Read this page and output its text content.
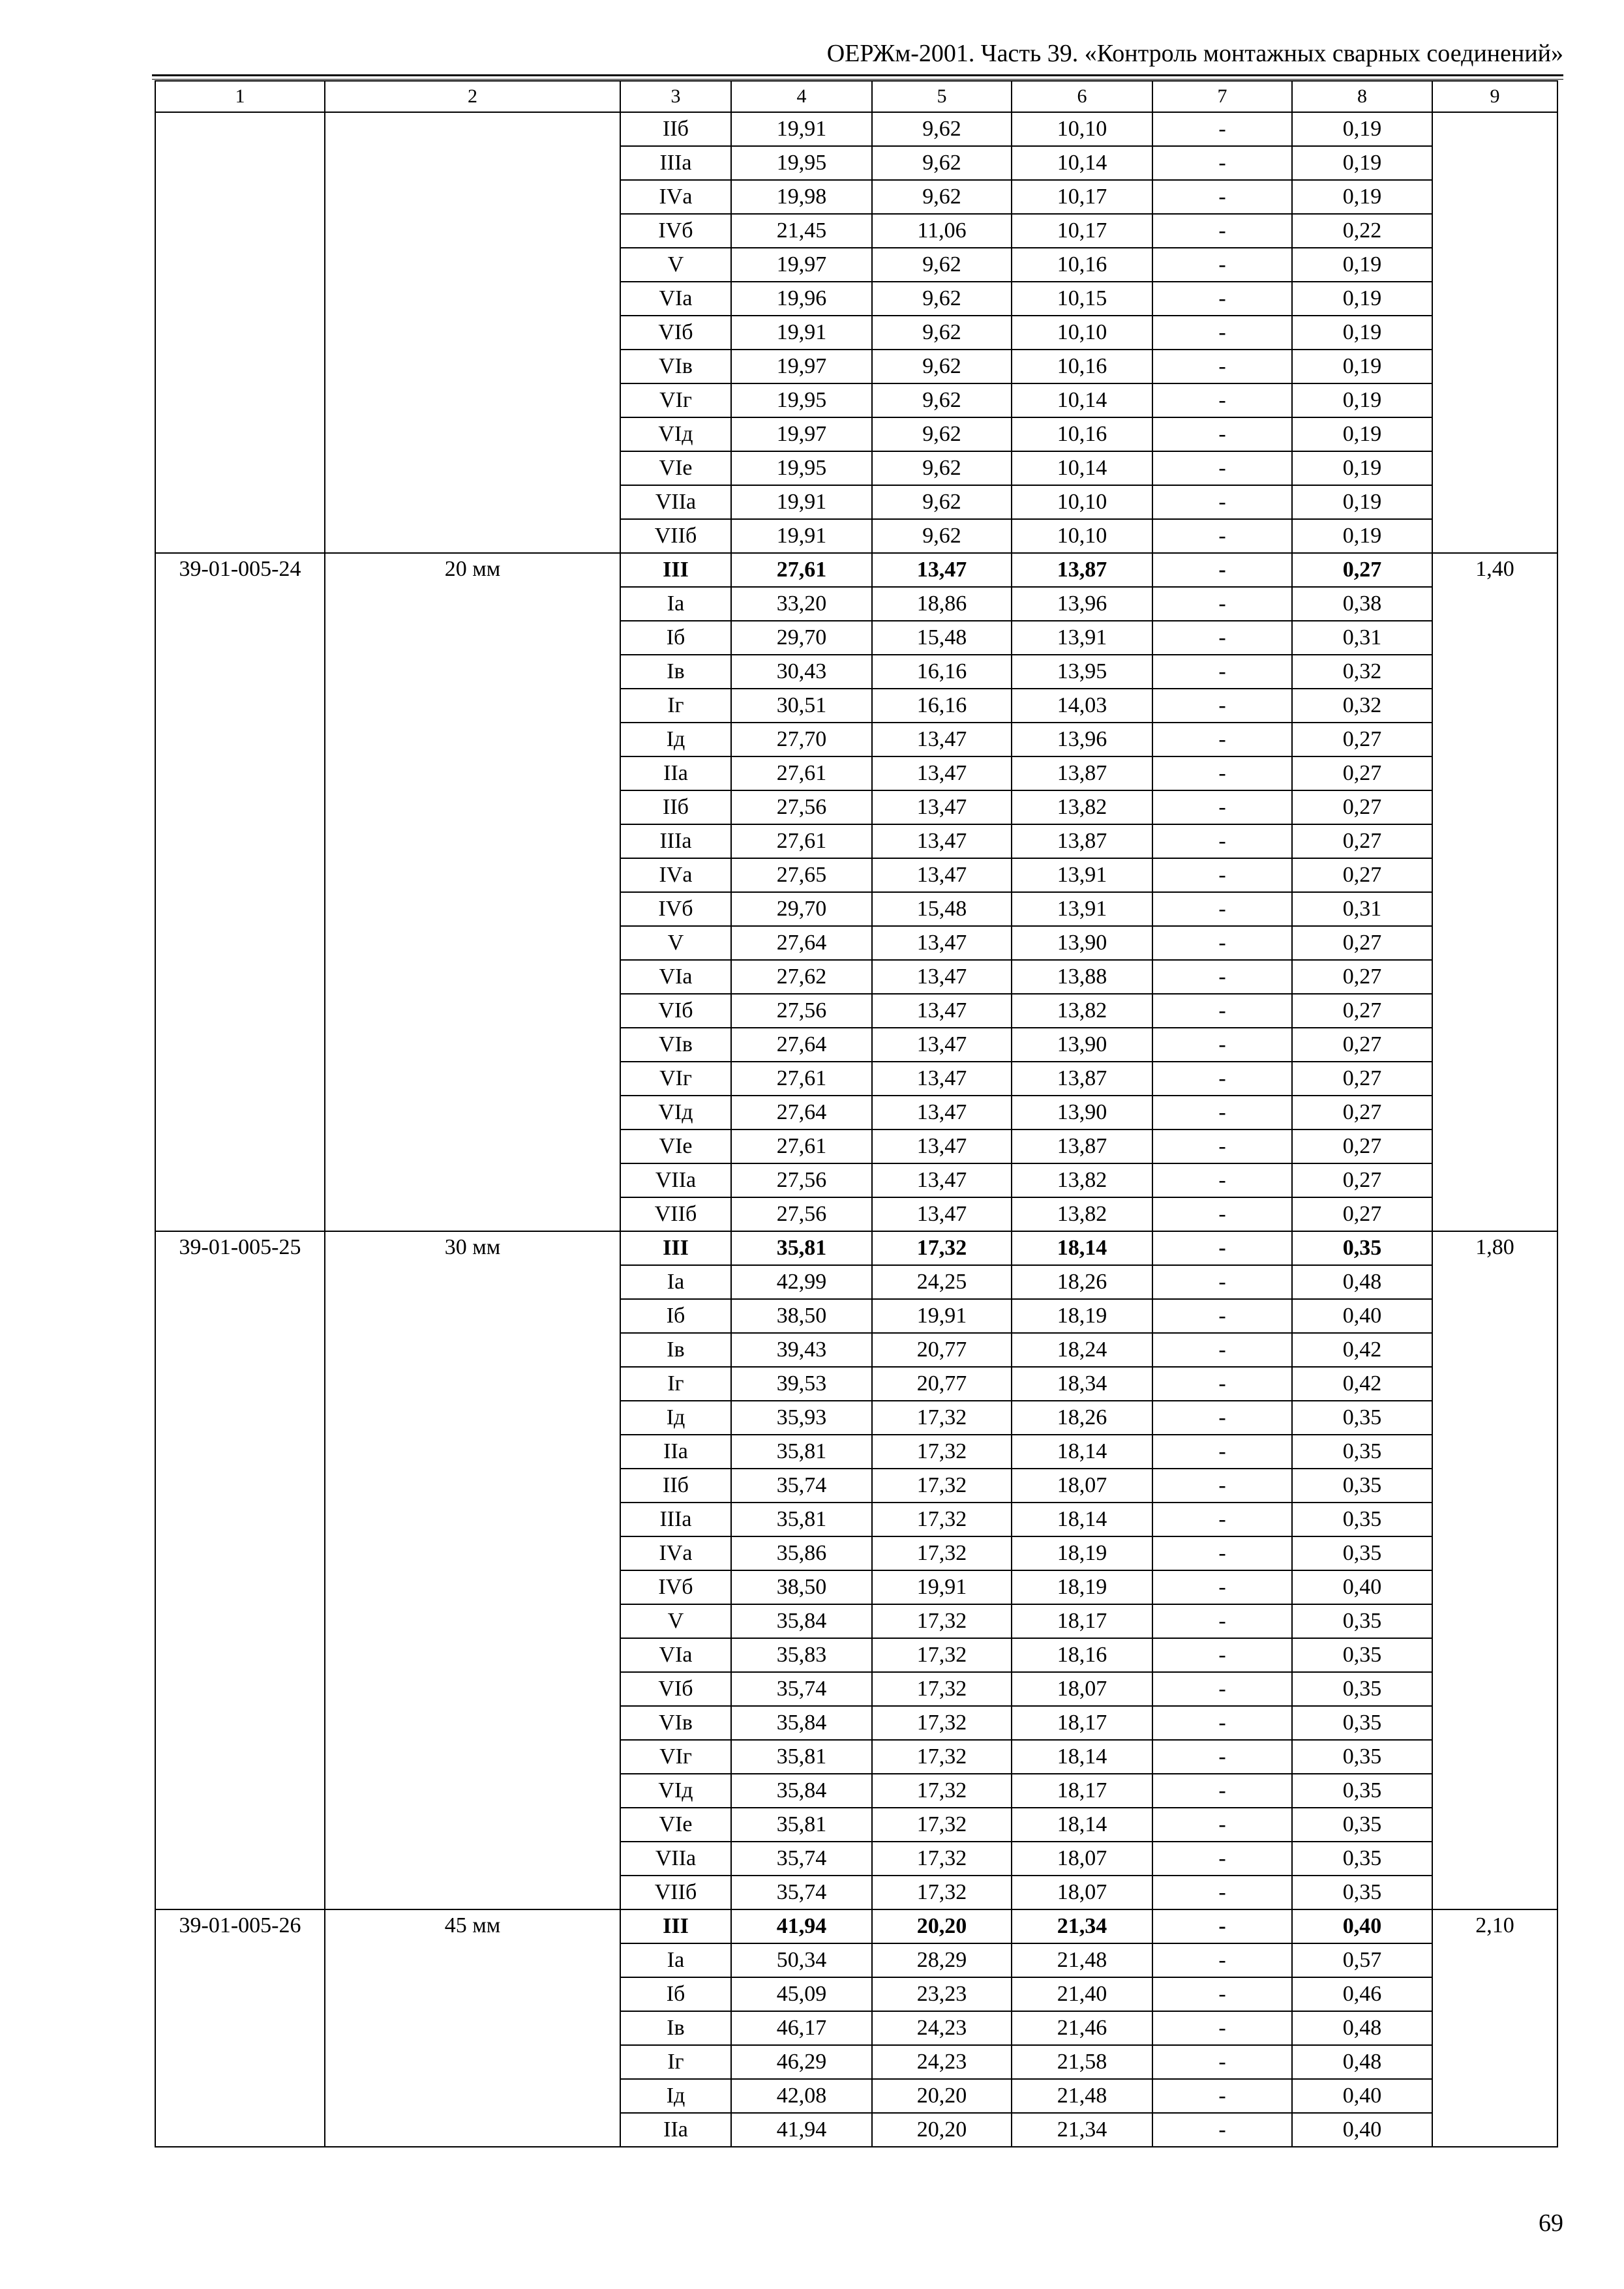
ОЕРЖм-2001. Часть 39. «Контроль монтажных сварных соединений»
1	2	3	4	5	6	7	8	9
		IIб	19,91	9,62	10,10	-	0,19	
		IIIа	19,95	9,62	10,14	-	0,19	
		IVа	19,98	9,62	10,17	-	0,19	
		IVб	21,45	11,06	10,17	-	0,22	
		V	19,97	9,62	10,16	-	0,19	
		VIа	19,96	9,62	10,15	-	0,19	
		VIб	19,91	9,62	10,10	-	0,19	
		VIв	19,97	9,62	10,16	-	0,19	
		VIг	19,95	9,62	10,14	-	0,19	
		VIд	19,97	9,62	10,16	-	0,19	
		VIе	19,95	9,62	10,14	-	0,19	
		VIIа	19,91	9,62	10,10	-	0,19	
		VIIб	19,91	9,62	10,10	-	0,19	
39-01-005-24	20 мм	III	27,61	13,47	13,87	-	0,27	1,40
		Iа	33,20	18,86	13,96	-	0,38	
		Iб	29,70	15,48	13,91	-	0,31	
		Iв	30,43	16,16	13,95	-	0,32	
		Iг	30,51	16,16	14,03	-	0,32	
		Iд	27,70	13,47	13,96	-	0,27	
		IIа	27,61	13,47	13,87	-	0,27	
		IIб	27,56	13,47	13,82	-	0,27	
		IIIа	27,61	13,47	13,87	-	0,27	
		IVа	27,65	13,47	13,91	-	0,27	
		IVб	29,70	15,48	13,91	-	0,31	
		V	27,64	13,47	13,90	-	0,27	
		VIа	27,62	13,47	13,88	-	0,27	
		VIб	27,56	13,47	13,82	-	0,27	
		VIв	27,64	13,47	13,90	-	0,27	
		VIг	27,61	13,47	13,87	-	0,27	
		VIд	27,64	13,47	13,90	-	0,27	
		VIе	27,61	13,47	13,87	-	0,27	
		VIIа	27,56	13,47	13,82	-	0,27	
		VIIб	27,56	13,47	13,82	-	0,27	
39-01-005-25	30 мм	III	35,81	17,32	18,14	-	0,35	1,80
		Iа	42,99	24,25	18,26	-	0,48	
		Iб	38,50	19,91	18,19	-	0,40	
		Iв	39,43	20,77	18,24	-	0,42	
		Iг	39,53	20,77	18,34	-	0,42	
		Iд	35,93	17,32	18,26	-	0,35	
		IIа	35,81	17,32	18,14	-	0,35	
		IIб	35,74	17,32	18,07	-	0,35	
		IIIа	35,81	17,32	18,14	-	0,35	
		IVа	35,86	17,32	18,19	-	0,35	
		IVб	38,50	19,91	18,19	-	0,40	
		V	35,84	17,32	18,17	-	0,35	
		VIа	35,83	17,32	18,16	-	0,35	
		VIб	35,74	17,32	18,07	-	0,35	
		VIв	35,84	17,32	18,17	-	0,35	
		VIг	35,81	17,32	18,14	-	0,35	
		VIд	35,84	17,32	18,17	-	0,35	
		VIе	35,81	17,32	18,14	-	0,35	
		VIIа	35,74	17,32	18,07	-	0,35	
		VIIб	35,74	17,32	18,07	-	0,35	
39-01-005-26	45 мм	III	41,94	20,20	21,34	-	0,40	2,10
		Iа	50,34	28,29	21,48	-	0,57	
		Iб	45,09	23,23	21,40	-	0,46	
		Iв	46,17	24,23	21,46	-	0,48	
		Iг	46,29	24,23	21,58	-	0,48	
		Iд	42,08	20,20	21,48	-	0,40	
		IIа	41,94	20,20	21,34	-	0,40	
69
